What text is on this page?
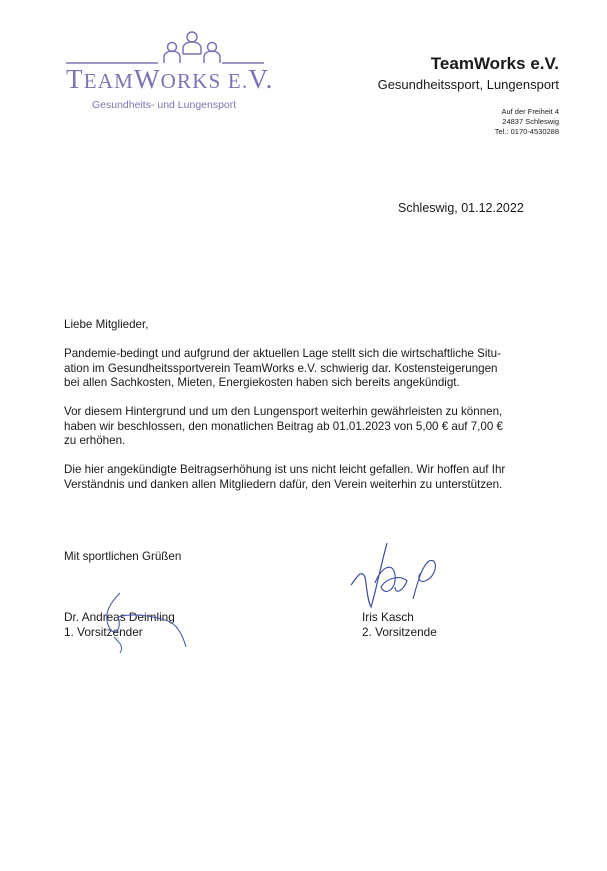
TEAMWORKS E.V.
Gesundheits- und Lungensport
TeamWorks e.V.
Gesundheitssport, Lungensport
Auf der Freiheit 4
24837 Schleswig
Tel.: 0170-4530288
Schleswig, 01.12.2022
Liebe Mitglieder,
Pandemie-bedingt und aufgrund der aktuellen Lage stellt sich die wirtschaftliche Situ-
ation im Gesundheitssportverein TeamWorks e.V. schwierig dar. Kostensteigerungen
bei allen Sachkosten, Mieten, Energiekosten haben sich bereits angekündigt.
Vor diesem Hintergrund und um den Lungensport weiterhin gewährleisten zu können,
haben wir beschlossen, den monatlichen Beitrag ab 01.01.2023 von 5,00 € auf 7,00 €
zu erhöhen.
Die hier angekündigte Beitragserhöhung ist uns nicht leicht gefallen. Wir hoffen auf Ihr
Verständnis und danken allen Mitgliedern dafür, den Verein weiterhin zu unterstützen.
Mit sportlichen Grüßen
Dr. Andreas Deimling
1. Vorsitzender
Iris Kasch
2. Vorsitzende
